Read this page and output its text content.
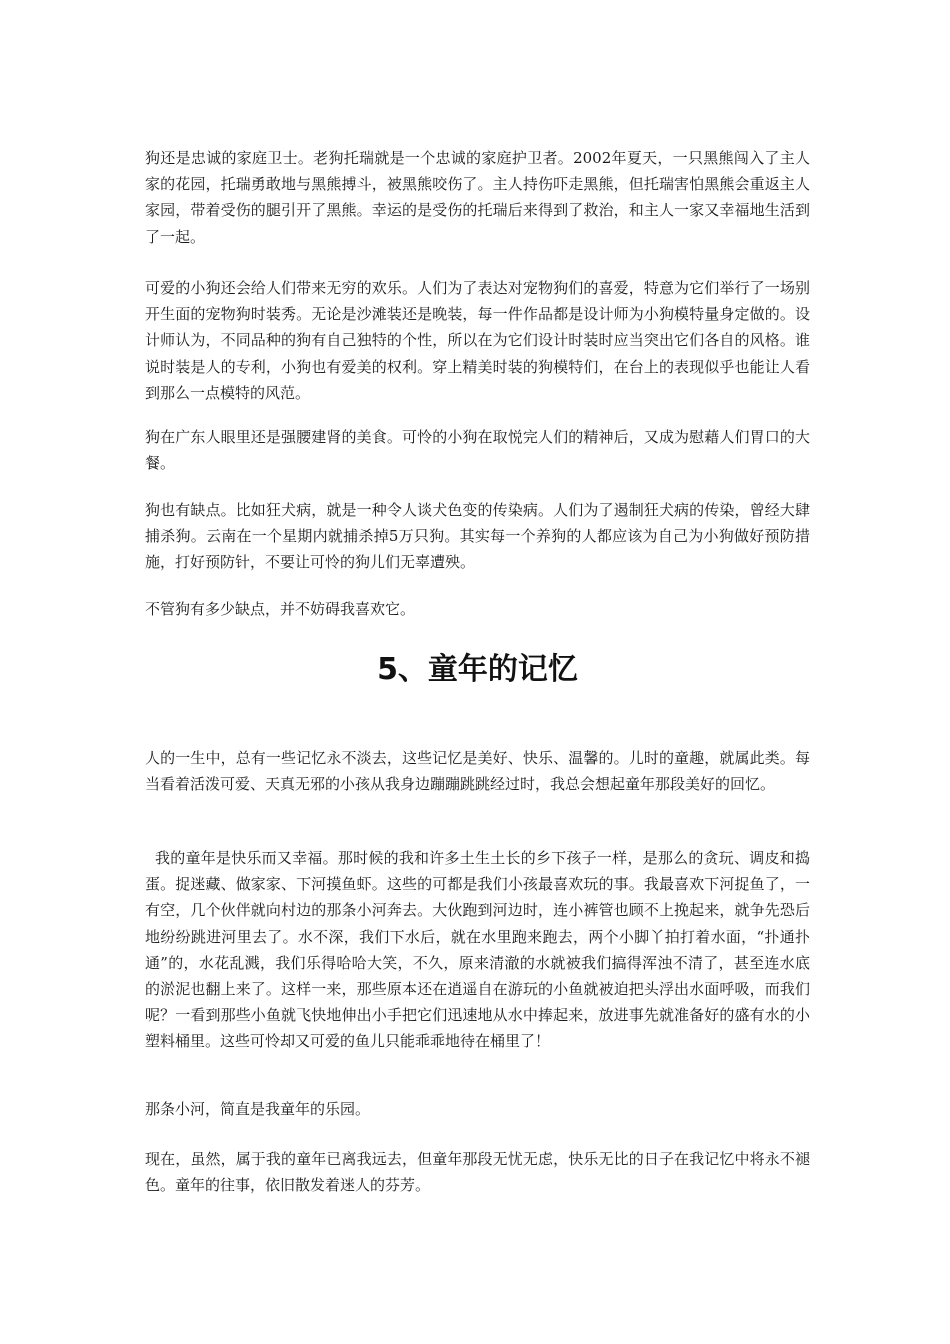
狗还是忠诚的家庭卫士。老狗托瑞就是一个忠诚的家庭护卫者。2002年夏天，一只黑熊闯入了主人家的花园，托瑞勇敢地与黑熊搏斗，被黑熊咬伤了。主人持伤吓走黑熊，但托瑞害怕黑熊会重返主人家园，带着受伤的腿引开了黑熊。幸运的是受伤的托瑞后来得到了救治，和主人一家又幸福地生活到了一起。

可爱的小狗还会给人们带来无穷的欢乐。人们为了表达对宠物狗们的喜爱，特意为它们举行了一场别开生面的宠物狗时装秀。无论是沙滩装还是晚装，每一件作品都是设计师为小狗模特量身定做的。设计师认为，不同品种的狗有自己独特的个性，所以在为它们设计时装时应当突出它们各自的风格。谁说时装是人的专利，小狗也有爱美的权利。穿上精美时装的狗模特们，在台上的表现似乎也能让人看到那么一点模特的风范。

狗在广东人眼里还是强腰建肾的美食。可怜的小狗在取悦完人们的精神后，又成为慰藉人们胃口的大餐。

狗也有缺点。比如狂犬病，就是一种令人谈犬色变的传染病。人们为了遏制狂犬病的传染，曾经大肆捕杀狗。云南在一个星期内就捕杀掉5万只狗。其实每一个养狗的人都应该为自己为小狗做好预防措施，打好预防针，不要让可怜的狗儿们无辜遭殃。

不管狗有多少缺点，并不妨碍我喜欢它。

5、童年的记忆

人的一生中，总有一些记忆永不淡去，这些记忆是美好、快乐、温馨的。儿时的童趣，就属此类。每当看着活泼可爱、天真无邪的小孩从我身边蹦蹦跳跳经过时，我总会想起童年那段美好的回忆。

我的童年是快乐而又幸福。那时候的我和许多土生土长的乡下孩子一样，是那么的贪玩、调皮和捣蛋。捉迷藏、做家家、下河摸鱼虾。这些的可都是我们小孩最喜欢玩的事。我最喜欢下河捉鱼了，一有空，几个伙伴就向村边的那条小河奔去。大伙跑到河边时，连小裤管也顾不上挽起来，就争先恐后地纷纷跳进河里去了。水不深，我们下水后，就在水里跑来跑去，两个小脚丫拍打着水面，“扑通扑通”的，水花乱溅，我们乐得哈哈大笑，不久，原来清澈的水就被我们搞得浑浊不清了，甚至连水底的淤泥也翻上来了。这样一来，那些原本还在逍遥自在游玩的小鱼就被迫把头浮出水面呼吸，而我们呢？一看到那些小鱼就飞快地伸出小手把它们迅速地从水中捧起来，放进事先就准备好的盛有水的小塑料桶里。这些可怜却又可爱的鱼儿只能乖乖地待在桶里了！

那条小河，简直是我童年的乐园。

现在，虽然，属于我的童年已离我远去，但童年那段无忧无虑，快乐无比的日子在我记忆中将永不褪色。童年的往事，依旧散发着迷人的芬芳。
